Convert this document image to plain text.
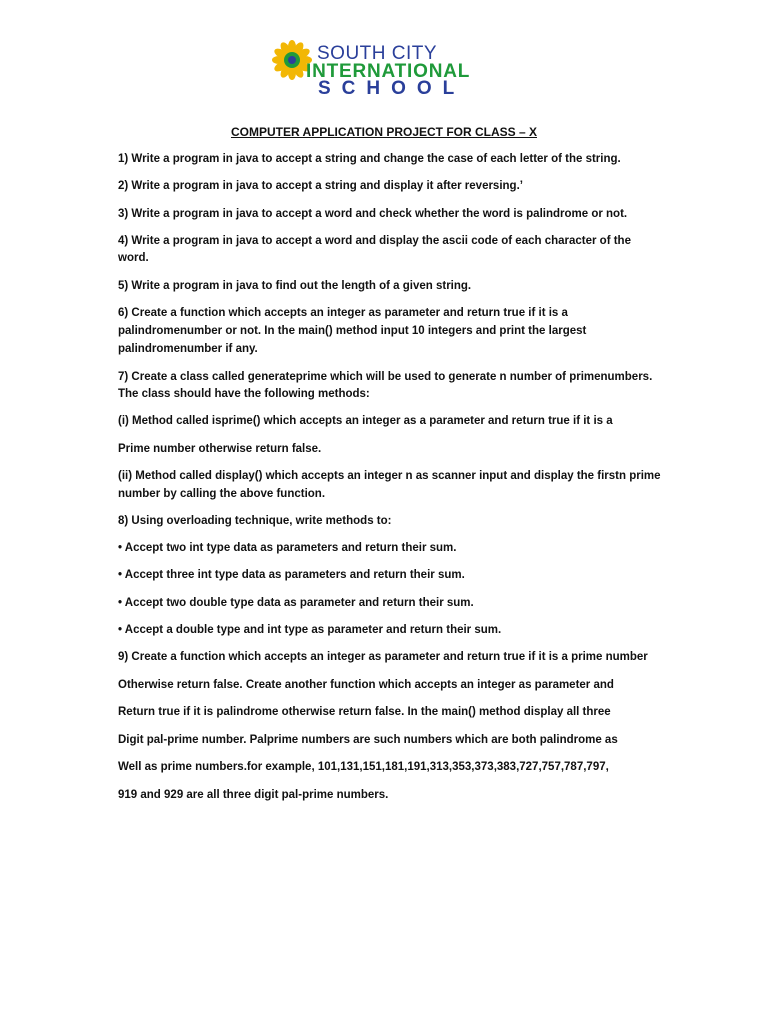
SOUTH CITY
INTERNATIONAL
SCHOOL
COMPUTER APPLICATION PROJECT FOR CLASS – X
1) Write a program in java to accept a string and change the case of each letter of the string.
2) Write a program in java to accept a string and display it after reversing.’
3) Write a program in java to accept a word and check whether the word is palindrome or not.
4) Write a program in java to accept a word and display the ascii code of each character of the
word.
5) Write a program in java to find out the length of a given string.
6) Create a function which accepts an integer as parameter and return true if it is a
palindromenumber or not. In the main() method input 10 integers and print the largest
palindromenumber if any.
7) Create a class called generateprime which will be used to generate n number of primenumbers.
The class should have the following methods:
(i) Method called isprime() which accepts an integer as a parameter and return true if it is a
Prime number otherwise return false.
(ii) Method called display() which accepts an integer n as scanner input and display the firstn prime
number by calling the above function.
8) Using overloading technique, write methods to:
• Accept two int type data as parameters and return their sum.
• Accept three int type data as parameters and return their sum.
• Accept two double type data as parameter and return their sum.
• Accept a double type and int type as parameter and return their sum.
9) Create a function which accepts an integer as parameter and return true if it is a prime number
Otherwise return false. Create another function which accepts an integer as parameter and
Return true if it is palindrome otherwise return false. In the main() method display all three
Digit pal-prime number. Palprime numbers are such numbers which are both palindrome as
Well as prime numbers.for example, 101,131,151,181,191,313,353,373,383,727,757,787,797,
919 and 929 are all three digit pal-prime numbers.
